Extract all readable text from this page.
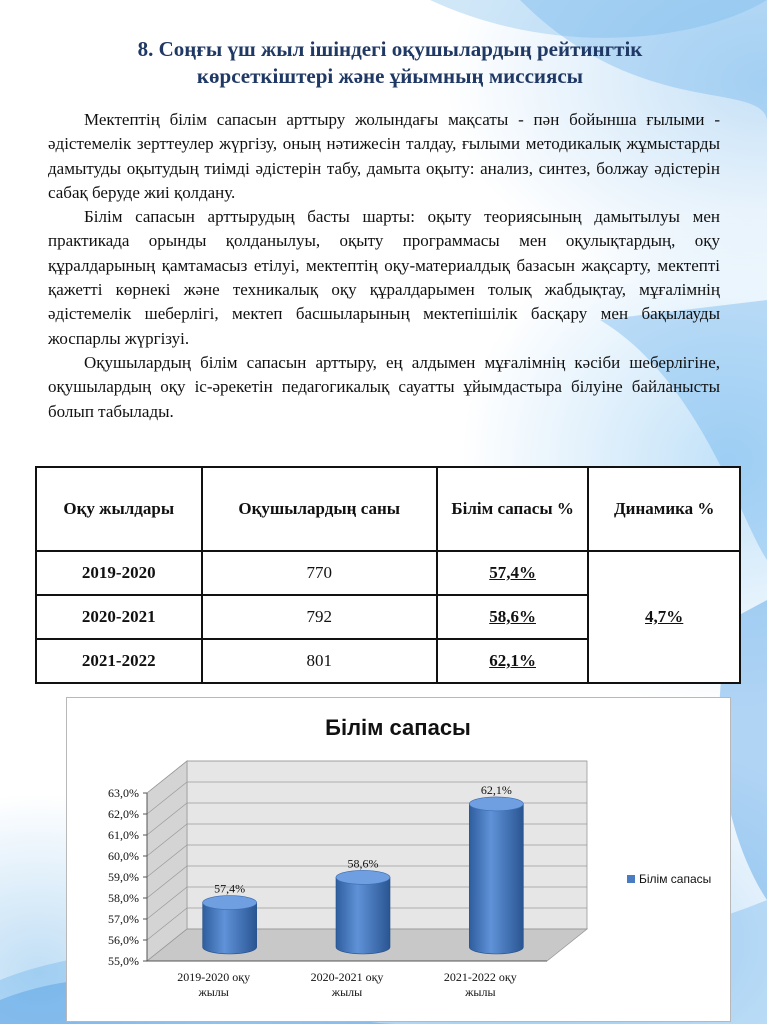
8. Соңғы үш жыл ішіндегі оқушылардың рейтингтік
көрсеткіштері және ұйымның миссиясы

Мектептің білім сапасын арттыру жолындағы мақсаты - пән бойынша ғылыми - әдістемелік зерттеулер жүргізу, оның нәтижесін талдау, ғылыми методикалық жұмыстарды дамытуды оқытудың тиімді әдістерін табу, дамыта оқыту: анализ, синтез, болжау әдістерін сабақ беруде жиі қолдану.

Білім сапасын арттырудың басты шарты: оқыту теориясының дамытылуы мен практикада орынды қолданылуы, оқыту программасы мен оқулықтардың, оқу құралдарының қамтамасыз етілуі, мектептің оқу-материалдық базасын жақсарту, мектепті қажетті көрнекі және техникалық оқу құралдарымен толық жабдықтау, мұғалімнің әдістемелік шеберлігі, мектеп басшыларының мектепішілік басқару мен бақылауды жоспарлы жүргізуі.

Оқушылардың білім сапасын арттыру, ең алдымен мұғалімнің кәсіби шеберлігіне, оқушылардың оқу іс-әрекетін педагогикалық сауатты ұйымдастыра білуіне байланысты болып табылады.

Оқу жылдары	Оқушылардың саны	Білім сапасы %	Динамика %
2019-2020	770	57,4%	4,7%
2020-2021	792	58,6%	
2021-2022	801	62,1%	
Білім сапасы
55,0%
56,0%
57,0%
58,0%
59,0%
60,0%
61,0%
62,0%
63,0%
57,4%
2019-2020 оқу
жылы
58,6%
2020-2021 оқу
жылы
62,1%
2021-2022 оқу
жылы
Білім сапасы
